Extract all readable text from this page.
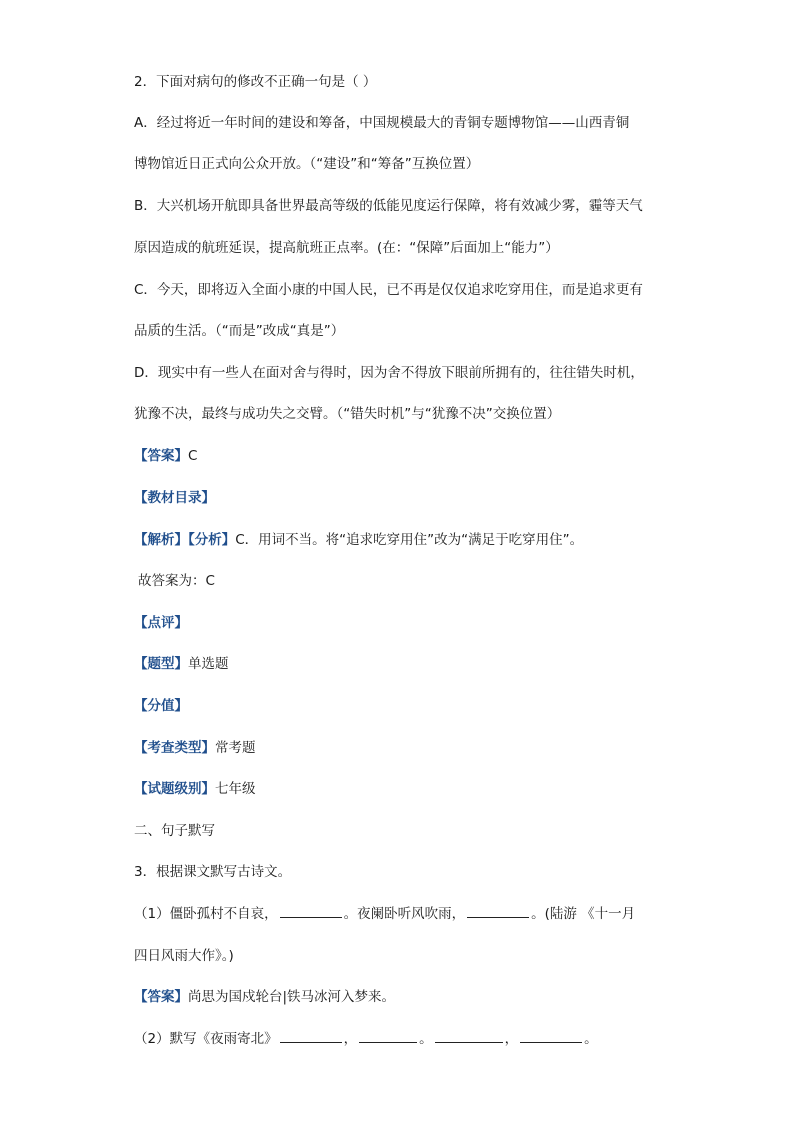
2．下面对病句的修改不正确一句是（ ）
A．经过将近一年时间的建设和筹备，中国规模最大的青铜专题博物馆——山西青铜
博物馆近日正式向公众开放。（“建设”和“筹备”互换位置）
B．大兴机场开航即具备世界最高等级的低能见度运行保障，将有效减少雾，霾等天气
原因造成的航班延误，提高航班正点率。(在：“保障”后面加上“能力”）
C．今天，即将迈入全面小康的中国人民，已不再是仅仅追求吃穿用住，而是追求更有
品质的生活。（“而是”改成“真是”）
D．现实中有一些人在面对舍与得时，因为舍不得放下眼前所拥有的，往往错失时机，
犹豫不决，最终与成功失之交臂。（“错失时机”与“犹豫不决”交换位置）
【答案】C
【教材目录】
【解析】【分析】C．用词不当。将“追求吃穿用住”改为“满足于吃穿用住”。
故答案为：C
【点评】
【题型】单选题
【分值】
【考查类型】常考题
【试题级别】七年级
二、句子默写
3．根据课文默写古诗文。
（1）僵卧孤村不自哀，	。夜阑卧听风吹雨，	。(陆游 《十一月
四日风雨大作》。)
【答案】尚思为国戍轮台|铁马冰河入梦来。
（2）默写《夜雨寄北》	，	。	，	。
